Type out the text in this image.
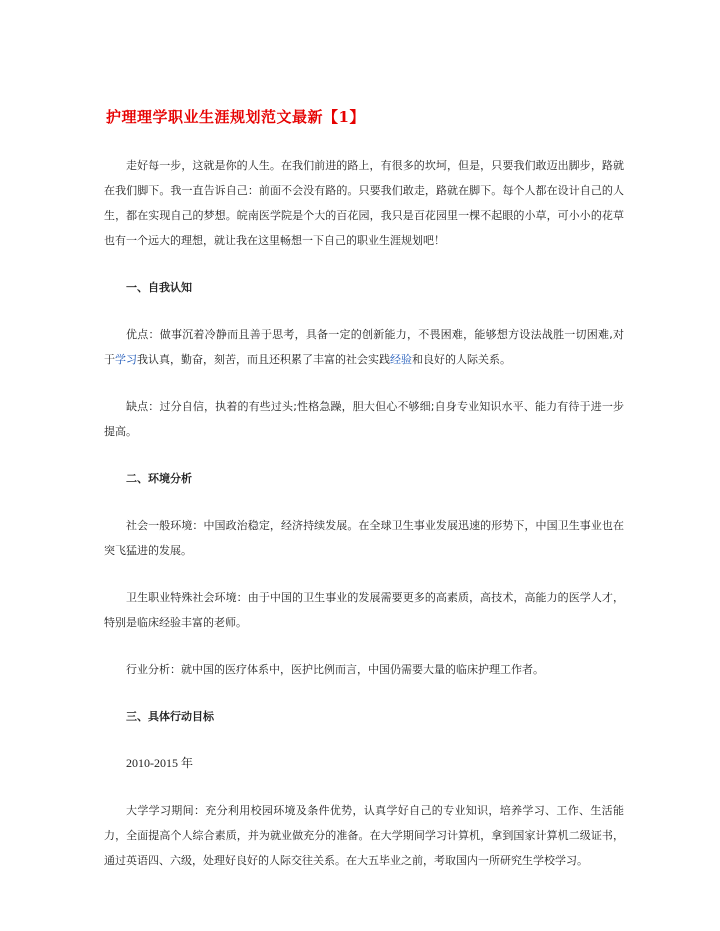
护理理学职业生涯规划范文最新【1】

走好每一步，这就是你的人生。在我们前进的路上，有很多的坎坷，但是，只要我们敢迈出脚步，路就在我们脚下。我一直告诉自己：前面不会没有路的。只要我们敢走，路就在脚下。每个人都在设计自己的人生，都在实现自己的梦想。皖南医学院是个大的百花园，我只是百花园里一棵不起眼的小草，可小小的花草也有一个远大的理想，就让我在这里畅想一下自己的职业生涯规划吧！

一、自我认知

优点：做事沉着冷静而且善于思考，具备一定的创新能力，不畏困难，能够想方设法战胜一切困难,对于学习我认真，勤奋，刻苦，而且还积累了丰富的社会实践经验和良好的人际关系。

缺点：过分自信，执着的有些过头;性格急躁，胆大但心不够细;自身专业知识水平、能力有待于进一步提高。

二、环境分析

社会一般环境：中国政治稳定，经济持续发展。在全球卫生事业发展迅速的形势下，中国卫生事业也在突飞猛进的发展。

卫生职业特殊社会环境：由于中国的卫生事业的发展需要更多的高素质，高技术，高能力的医学人才，特别是临床经验丰富的老师。

行业分析：就中国的医疗体系中，医护比例而言，中国仍需要大量的临床护理工作者。

三、具体行动目标

2010-2015 年

大学学习期间：充分利用校园环境及条件优势，认真学好自己的专业知识，培养学习、工作、生活能力，全面提高个人综合素质，并为就业做充分的准备。在大学期间学习计算机，拿到国家计算机二级证书，通过英语四、六级，处理好良好的人际交往关系。在大五毕业之前，考取国内一所研究生学校学习。
